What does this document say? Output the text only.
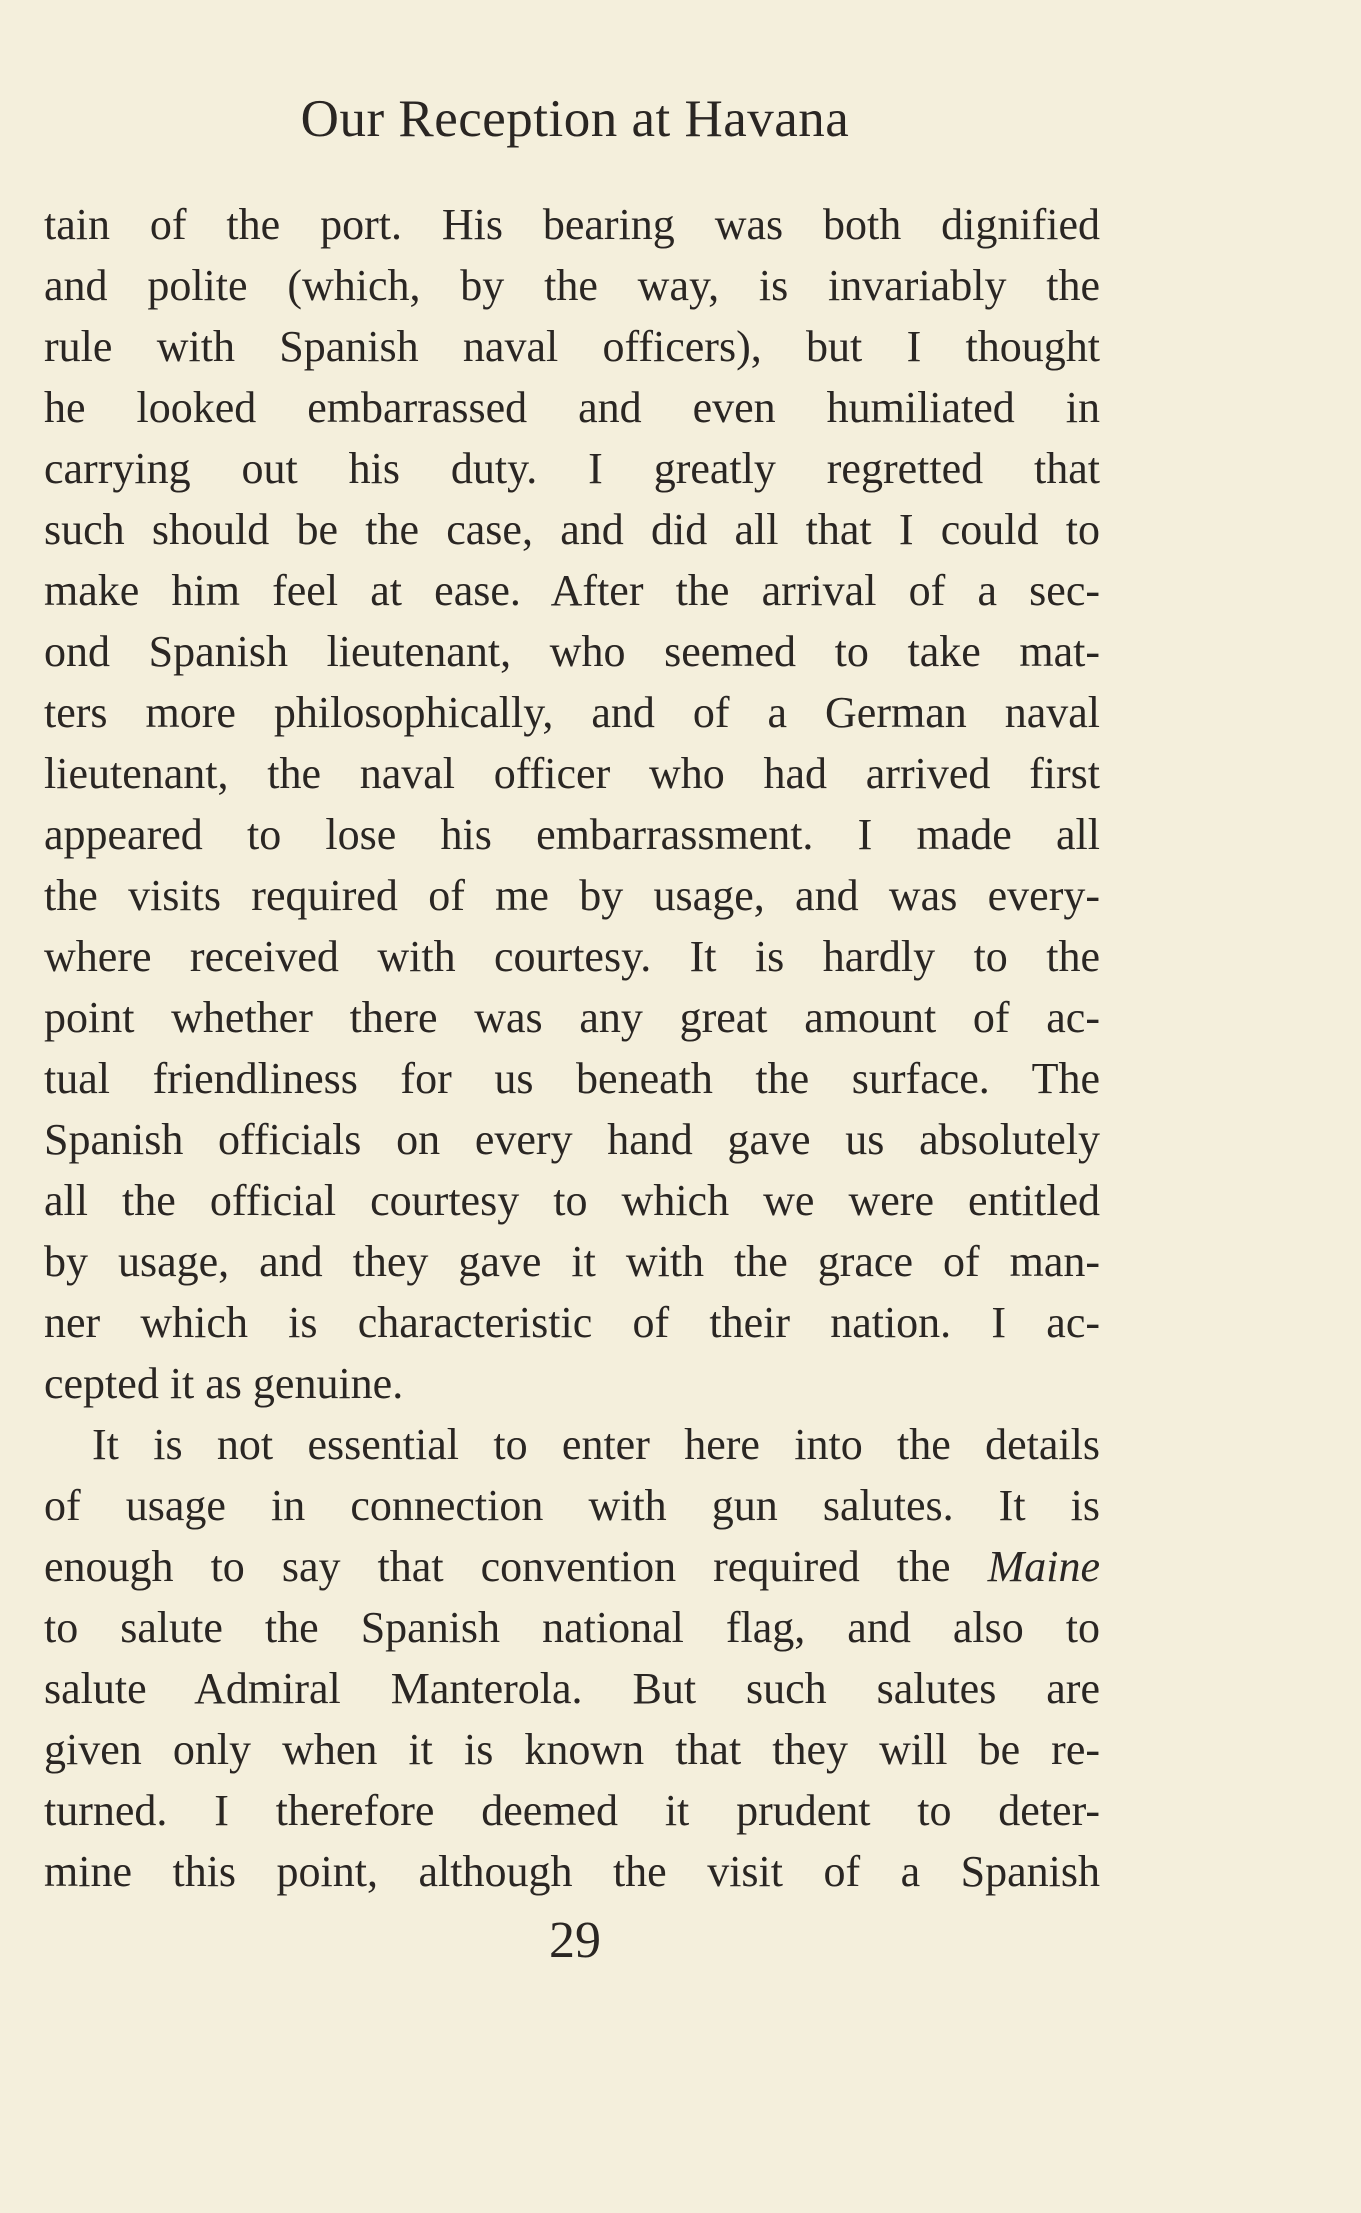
Our Reception at Havana
tain of the port. His bearing was both dignified
and polite (which, by the way, is invariably the
rule with Spanish naval officers), but I thought
he looked embarrassed and even humiliated in
carrying out his duty. I greatly regretted that
such should be the case, and did all that I could to
make him feel at ease. After the arrival of a sec-
ond Spanish lieutenant, who seemed to take mat-
ters more philosophically, and of a German naval
lieutenant, the naval officer who had arrived first
appeared to lose his embarrassment. I made all
the visits required of me by usage, and was every-
where received with courtesy. It is hardly to the
point whether there was any great amount of ac-
tual friendliness for us beneath the surface. The
Spanish officials on every hand gave us absolutely
all the official courtesy to which we were entitled
by usage, and they gave it with the grace of man-
ner which is characteristic of their nation. I ac-
cepted it as genuine.
It is not essential to enter here into the details
of usage in connection with gun salutes. It is
enough to say that convention required the Maine
to salute the Spanish national flag, and also to
salute Admiral Manterola. But such salutes are
given only when it is known that they will be re-
turned. I therefore deemed it prudent to deter-
mine this point, although the visit of a Spanish
29
